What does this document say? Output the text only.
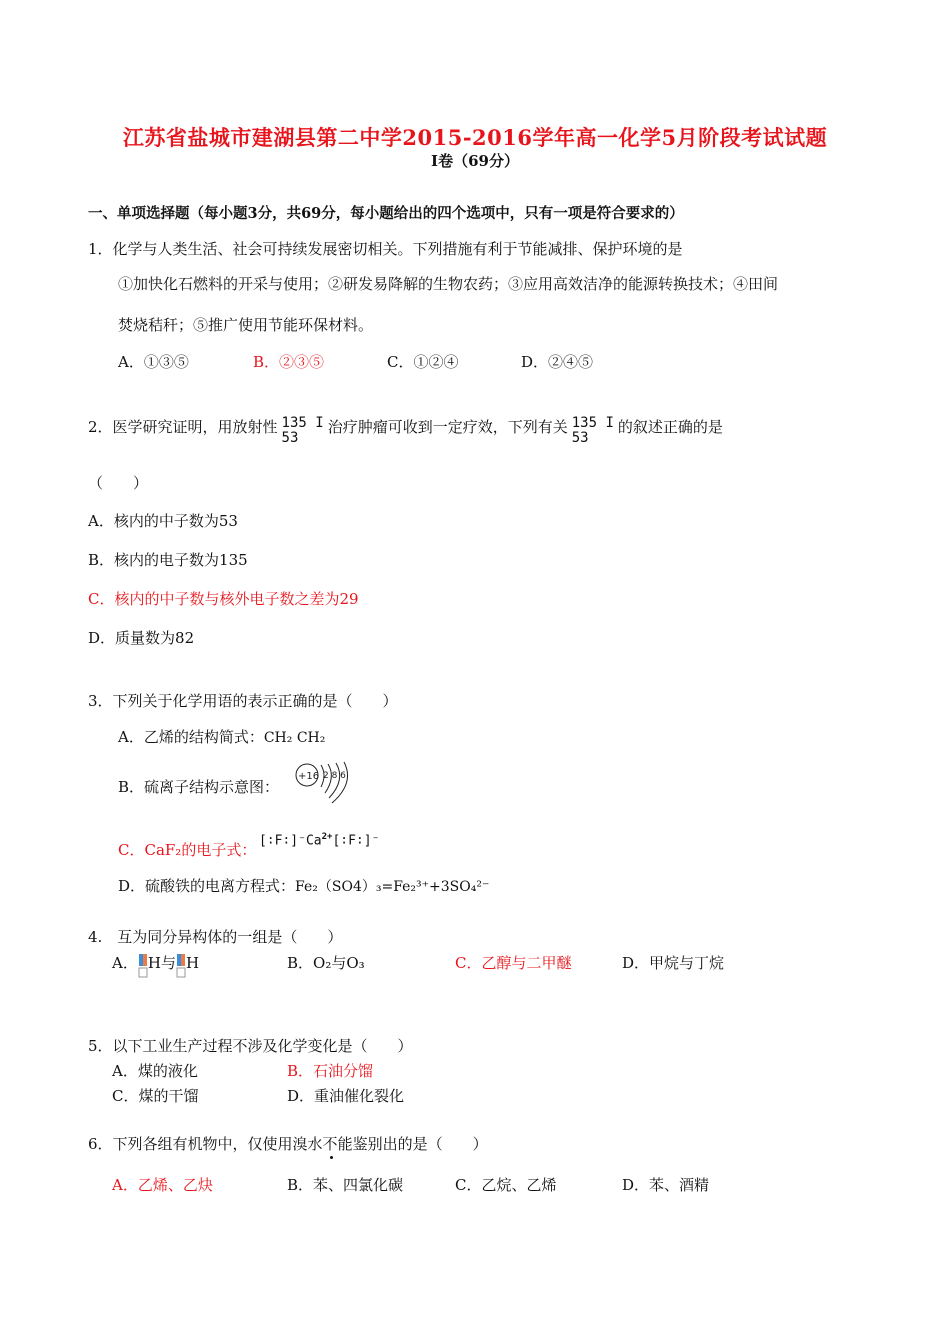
江苏省盐城市建湖县第二中学2015-2016学年高一化学5月阶段考试试题
Ⅰ卷（69分）
一、单项选择题（每小题3分，共69分，每小题给出的四个选项中，只有一项是符合要求的）
1．化学与人类生活、社会可持续发展密切相关。下列措施有利于节能减排、保护环境的是
①加快化石燃料的开采与使用；②研发易降解的生物农药；③应用高效洁净的能源转换技术；④田间
焚烧秸秆；⑤推广使用节能环保材料。
A．①③⑤	B．②③⑤	C．①②④	D．②④⑤
2．医学研究证明，用放射性 135 I
53
治疗肿瘤可收到一定疗效，下列有关 135 I
53
的叙述正确的是
（　　）
A．核内的中子数为53
B．核内的电子数为135
C．核内的中子数与核外电子数之差为29
D．质量数为82
3．下列关于化学用语的表示正确的是（　　）
A．乙烯的结构简式：CH₂ CH₂
B．硫离子结构示意图：
+16 2 8 6
C．CaF₂的电子式：
$[∶F∶]^-Ca^{2+}[∶F∶]^-$
D．硫酸铁的电离方程式：Fe₂（SO4）₃=Fe₂³⁺+3SO₄²⁻
4.　互为同分异构体的一组是（　　）
A． H与 H	B．O₂与O₃	C．乙醇与二甲醚	D．甲烷与丁烷
5．以下工业生产过程不涉及化学变化是（　　）
A．煤的液化	B．石油分馏
C．煤的干馏	D．重油催化裂化
6．下列各组有机物中，仅使用溴水不能鉴别出的是（　　）
A．乙烯、乙炔	B．苯、四氯化碳	C．乙烷、乙烯	D．苯、酒精
